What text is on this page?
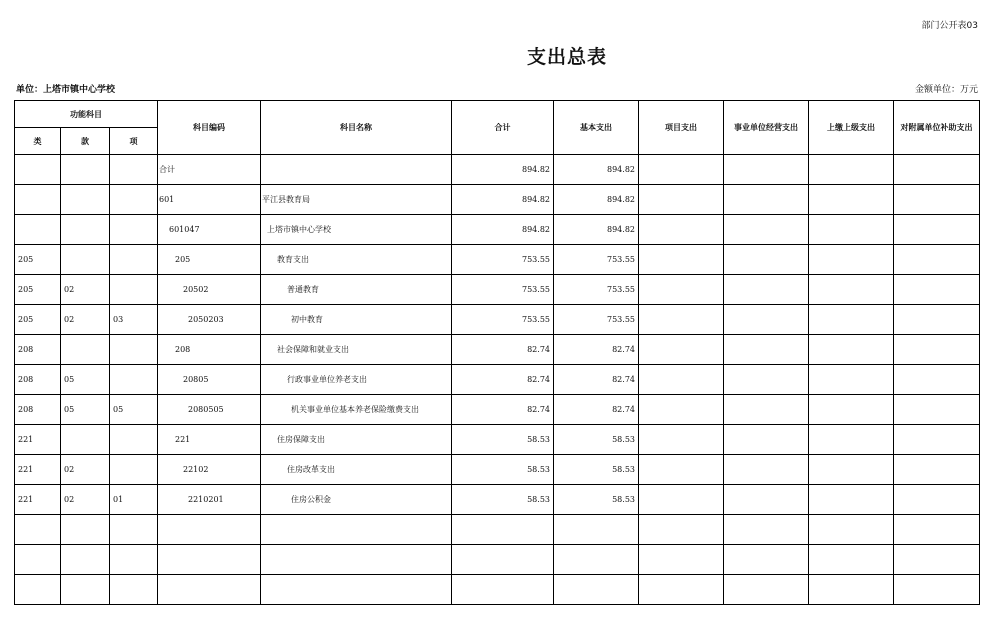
部门公开表03
支出总表
单位：上塔市镇中心学校	金额单位：万元
功能科目			科目编码	科目名称	合计	基本支出	项目支出	事业单位经营支出	上缴上级支出	对附属单位补助支出
类	款	项								
			合计		894.82	894.82				
			601	平江县教育局	894.82	894.82				
			601047	上塔市镇中心学校	894.82	894.82				
205			205	教育支出	753.55	753.55				
205	02		20502	普通教育	753.55	753.55				
205	02	03	2050203	初中教育	753.55	753.55				
208			208	社会保障和就业支出	82.74	82.74				
208	05		20805	行政事业单位养老支出	82.74	82.74				
208	05	05	2080505	机关事业单位基本养老保险缴费支出	82.74	82.74				
221			221	住房保障支出	58.53	58.53				
221	02		22102	住房改革支出	58.53	58.53				
221	02	01	2210201	住房公积金	58.53	58.53				
